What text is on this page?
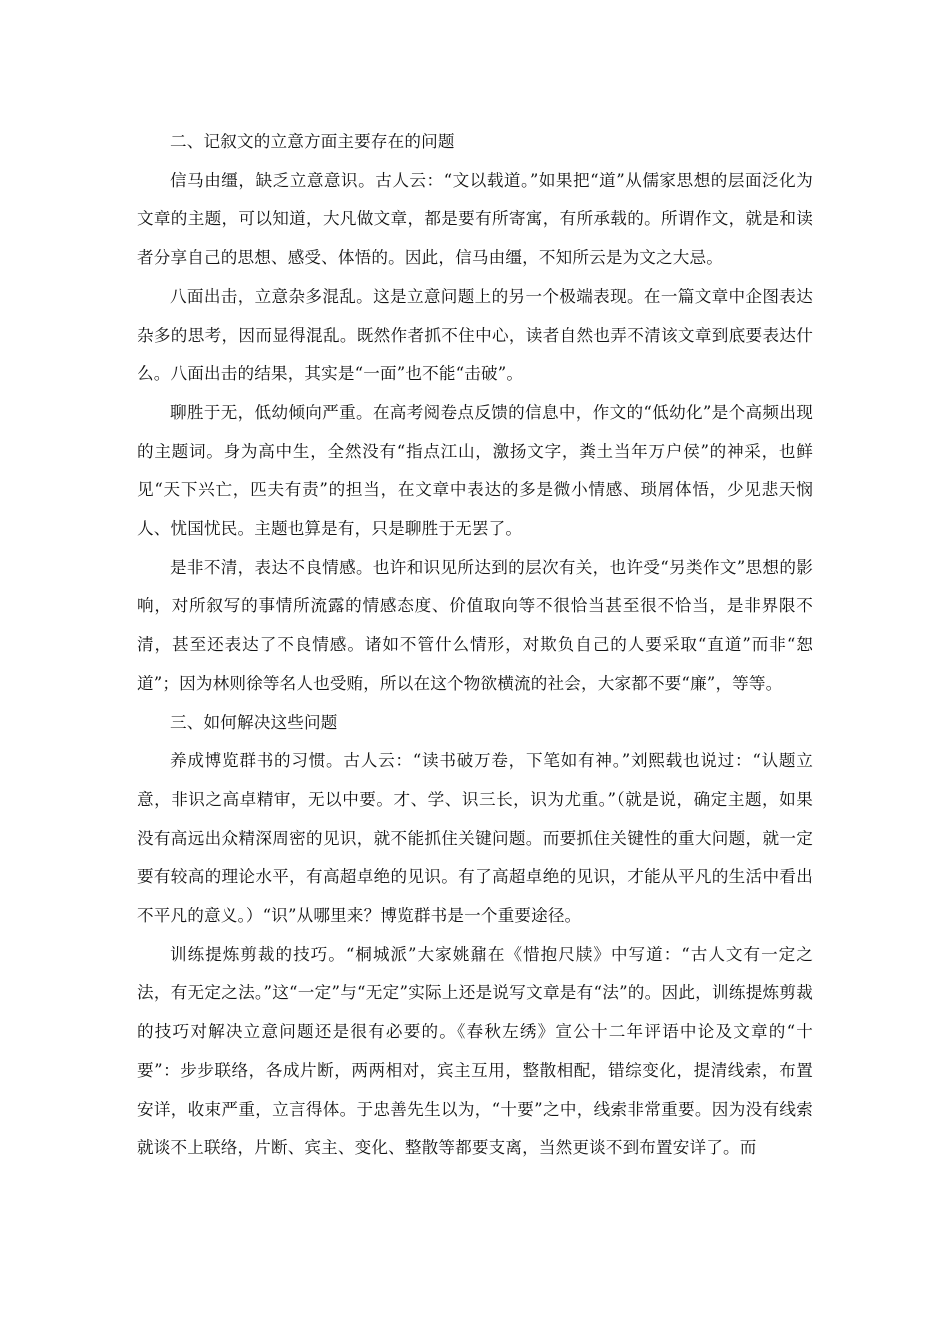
二、记叙文的立意方面主要存在的问题

信马由缰，缺乏立意意识。古人云：“文以载道。”如果把“道”从儒家思想的层面泛化为文章的主题，可以知道，大凡做文章，都是要有所寄寓，有所承载的。所谓作文，就是和读者分享自己的思想、感受、体悟的。因此，信马由缰，不知所云是为文之大忌。

八面出击，立意杂多混乱。这是立意问题上的另一个极端表现。在一篇文章中企图表达杂多的思考，因而显得混乱。既然作者抓不住中心，读者自然也弄不清该文章到底要表达什么。八面出击的结果，其实是“一面”也不能“击破”。

聊胜于无，低幼倾向严重。在高考阅卷点反馈的信息中，作文的“低幼化”是个高频出现的主题词。身为高中生，全然没有“指点江山，激扬文字，粪土当年万户侯”的神采，也鲜见“天下兴亡，匹夫有责”的担当，在文章中表达的多是微小情感、琐屑体悟，少见悲天悯人、忧国忧民。主题也算是有，只是聊胜于无罢了。

是非不清，表达不良情感。也许和识见所达到的层次有关，也许受“另类作文”思想的影响，对所叙写的事情所流露的情感态度、价值取向等不很恰当甚至很不恰当，是非界限不清，甚至还表达了不良情感。诸如不管什么情形，对欺负自己的人要采取“直道”而非“恕道”；因为林则徐等名人也受贿，所以在这个物欲横流的社会，大家都不要“廉”，等等。

三、如何解决这些问题

养成博览群书的习惯。古人云：“读书破万卷，下笔如有神。”刘熙载也说过：“认题立意，非识之高卓精审，无以中要。才、学、识三长，识为尤重。”（就是说，确定主题，如果没有高远出众精深周密的见识，就不能抓住关键问题。而要抓住关键性的重大问题，就一定要有较高的理论水平，有高超卓绝的见识。有了高超卓绝的见识，才能从平凡的生活中看出不平凡的意义。）“识”从哪里来？博览群书是一个重要途径。

训练提炼剪裁的技巧。“桐城派”大家姚鼐在《惜抱尺牍》中写道：“古人文有一定之法，有无定之法。”这“一定”与“无定”实际上还是说写文章是有“法”的。因此，训练提炼剪裁的技巧对解决立意问题还是很有必要的。《春秋左绣》宣公十二年评语中论及文章的“十要”：步步联络，各成片断，两两相对，宾主互用，整散相配，错综变化，提清线索，布置安详，收束严重，立言得体。于忠善先生以为，“十要”之中，线索非常重要。因为没有线索就谈不上联络，片断、宾主、变化、整散等都要支离，当然更谈不到布置安详了。而
